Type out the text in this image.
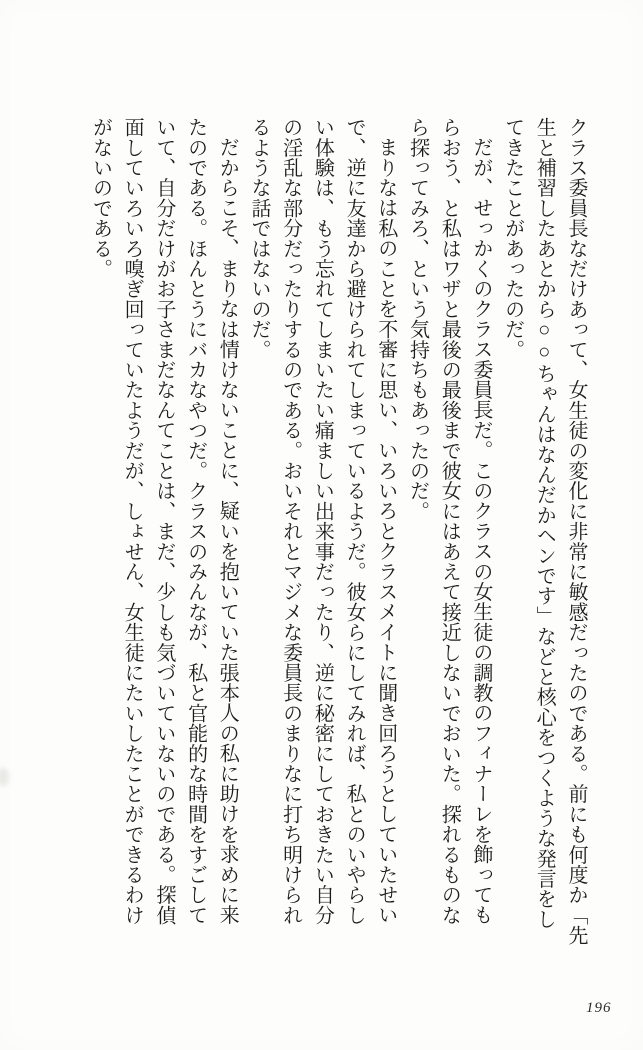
クラス委員長なだけあって、女生徒の変化に非常に敏感だったのである。前にも何度か「先
生と補習したあとから○○ちゃんはなんだかヘンです」などと核心をつくような発言をし
てきたことがあったのだ。

だが、せっかくのクラス委員長だ。このクラスの女生徒の調教のフィナーレを飾っても
らおう、と私はワザと最後の最後まで彼女にはあえて接近しないでおいた。探れるものな
ら探ってみろ、という気持ちもあったのだ。

まりなは私のことを不審に思い、いろいろとクラスメイトに聞き回ろうとしていたせい
で、逆に友達から避けられてしまっているようだ。彼女らにしてみれば、私とのいやらし
い体験は、もう忘れてしまいたい痛ましい出来事だったり、逆に秘密にしておきたい自分
の淫乱な部分だったりするのである。おいそれとマジメな委員長のまりなに打ち明けられ
るような話ではないのだ。

だからこそ、まりなは情けないことに、疑いを抱いていた張本人の私に助けを求めに来
たのである。ほんとうにバカなやつだ。クラスのみんなが、私と官能的な時間をすごして
いて、自分だけがお子さまだなんてことは、まだ、少しも気づいていないのである。探偵
面していろいろ嗅ぎ回っていたようだが、しょせん、女生徒にたいしたことができるわけ
がないのである。

196
